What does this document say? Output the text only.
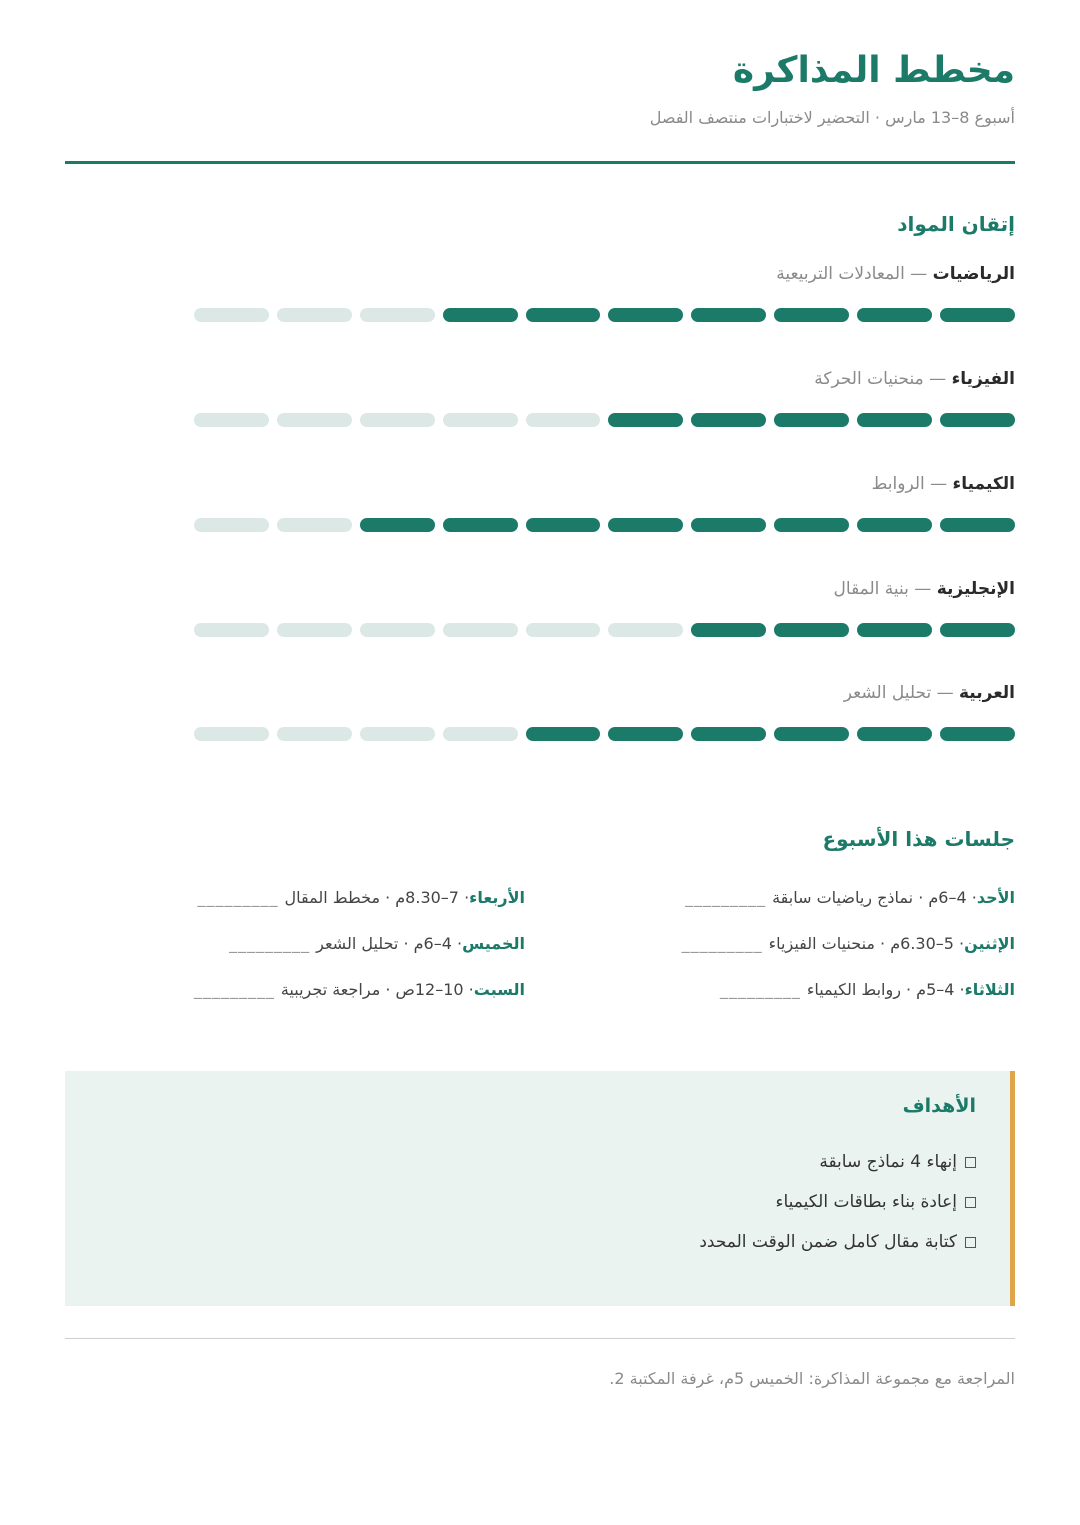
مخطط المذاكرة
أسبوع 8–13 مارس · التحضير لاختبارات منتصف الفصل
إتقان المواد
الرياضيات — المعادلات التربيعية
الفيزياء — منحنيات الحركة
الكيمياء — الروابط
الإنجليزية — بنية المقال
العربية — تحليل الشعر
جلسات هذا الأسبوع
الأحد
· 4–6م · نماذج رياضيات سابقة
_________
الإثنين
· 5–6.30م · منحنيات الفيزياء
_________
الثلاثاء
· 4–5م · روابط الكيمياء
_________
الأربعاء
· 7–8.30م · مخطط المقال
_________
الخميس
· 4–6م · تحليل الشعر
_________
السبت
· 10–12ص · مراجعة تجريبية
_________
الأهداف
إنهاء 4 نماذج سابقة
إعادة بناء بطاقات الكيمياء
كتابة مقال كامل ضمن الوقت المحدد
المراجعة مع مجموعة المذاكرة: الخميس 5م، غرفة المكتبة 2.
